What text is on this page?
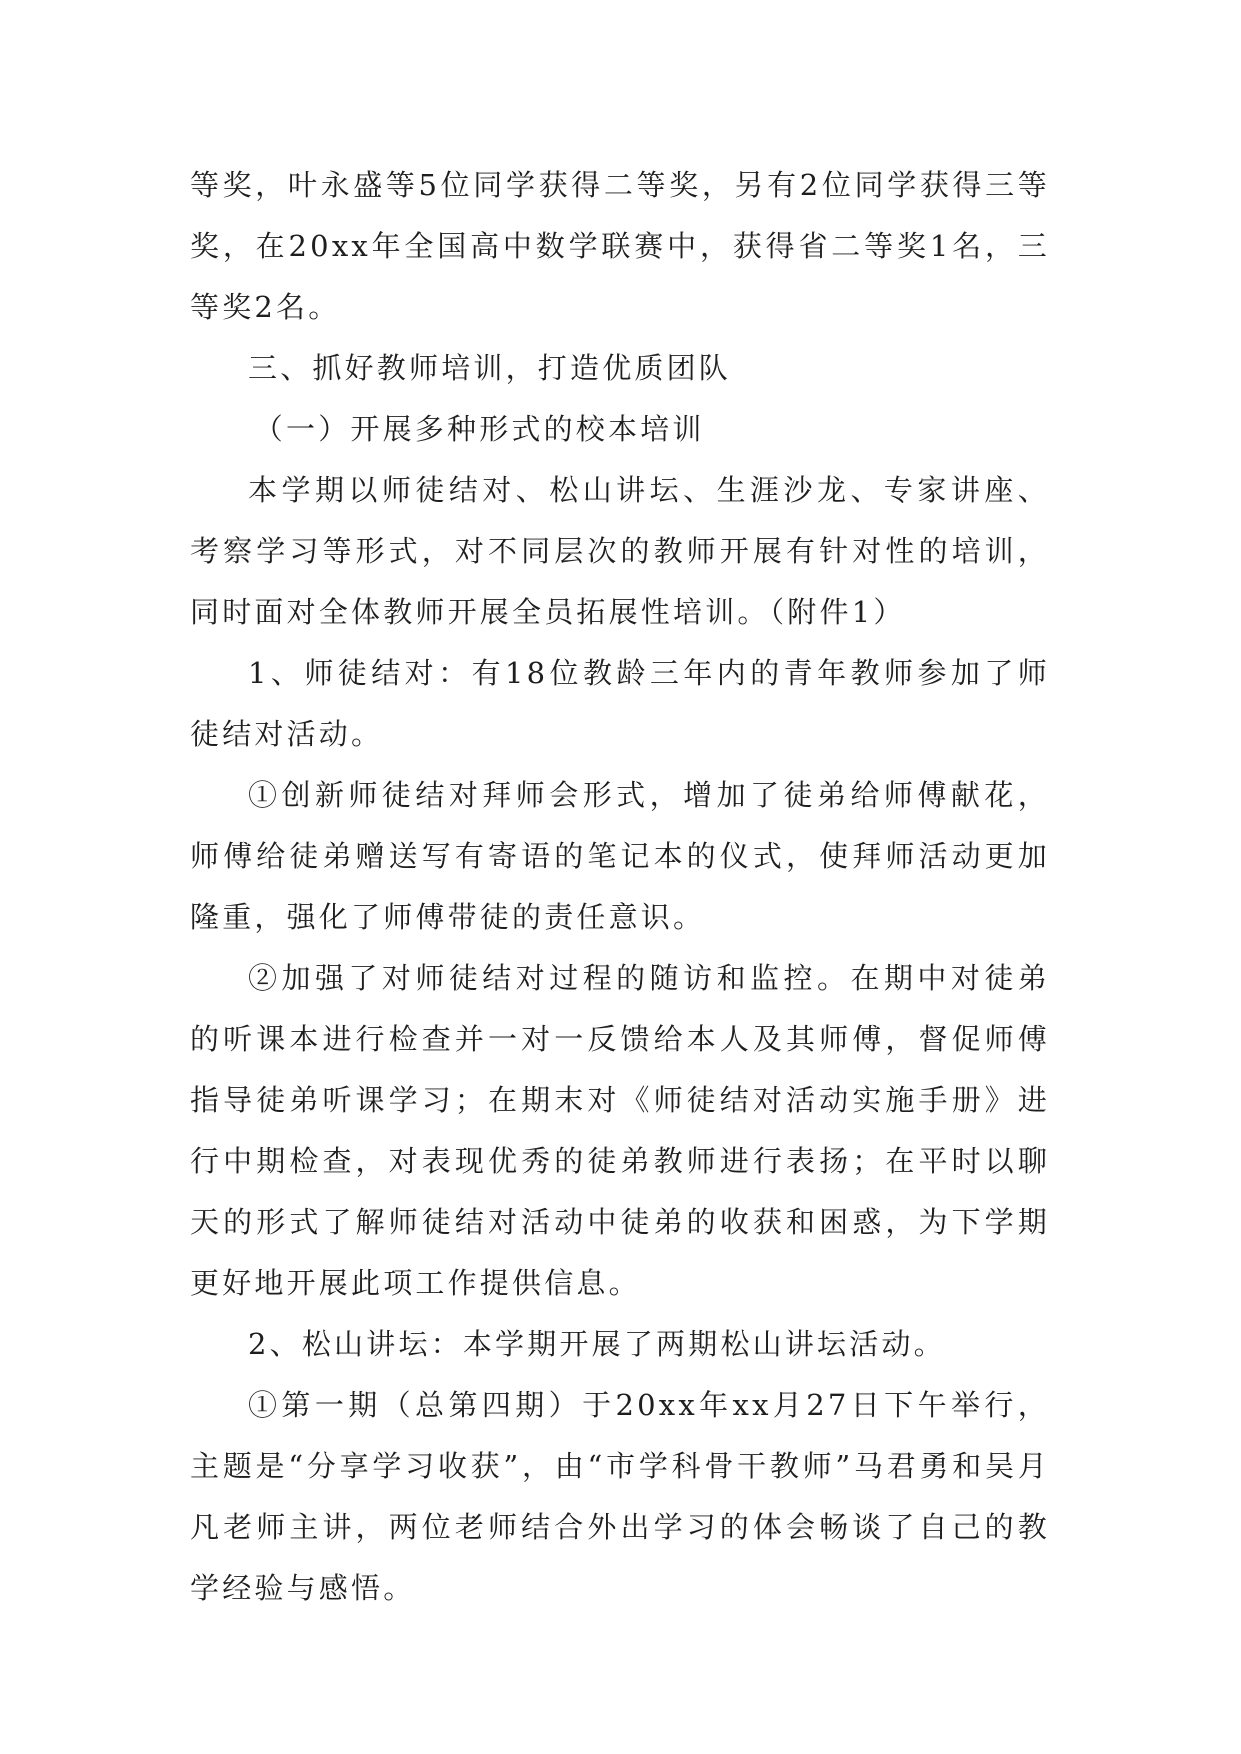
等奖，叶永盛等5位同学获得二等奖，另有2位同学获得三等奖，在20xx年全国高中数学联赛中，获得省二等奖1名，三等奖2名。

三、抓好教师培训，打造优质团队

（一）开展多种形式的校本培训

本学期以师徒结对、松山讲坛、生涯沙龙、专家讲座、考察学习等形式，对不同层次的教师开展有针对性的培训，同时面对全体教师开展全员拓展性培训。（附件1）

1、师徒结对：有18位教龄三年内的青年教师参加了师徒结对活动。

①创新师徒结对拜师会形式，增加了徒弟给师傅献花，师傅给徒弟赠送写有寄语的笔记本的仪式，使拜师活动更加隆重，强化了师傅带徒的责任意识。

②加强了对师徒结对过程的随访和监控。在期中对徒弟的听课本进行检查并一对一反馈给本人及其师傅，督促师傅指导徒弟听课学习；在期末对《师徒结对活动实施手册》进行中期检查，对表现优秀的徒弟教师进行表扬；在平时以聊天的形式了解师徒结对活动中徒弟的收获和困惑，为下学期更好地开展此项工作提供信息。

2、松山讲坛：本学期开展了两期松山讲坛活动。

①第一期（总第四期）于20xx年xx月27日下午举行，主题是“分享学习收获”，由“市学科骨干教师”马君勇和吴月凡老师主讲，两位老师结合外出学习的体会畅谈了自己的教学经验与感悟。
